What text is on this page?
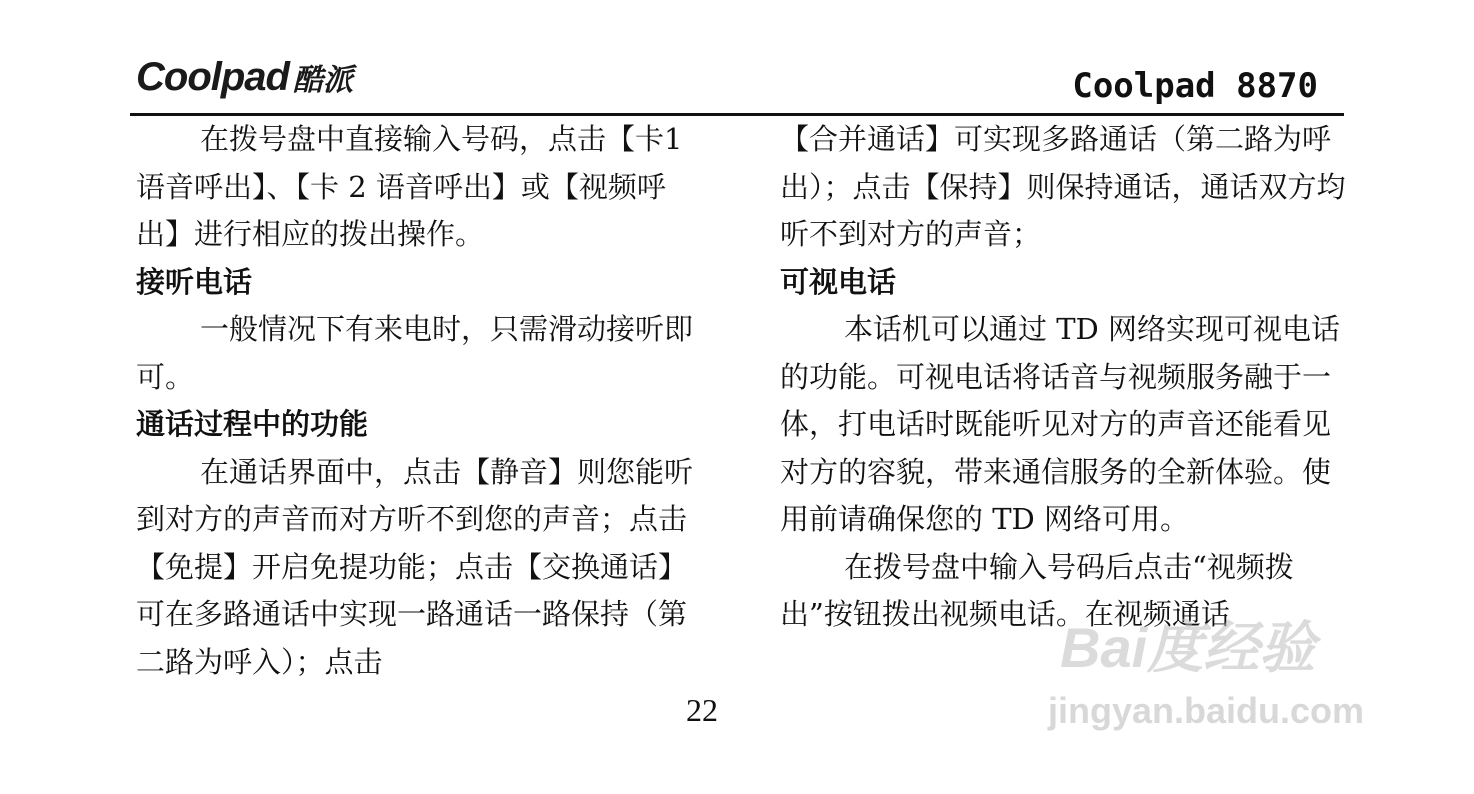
Coolpad 酷派	Coolpad 8870

在拨号盘中直接输入号码，点击【卡1 语音呼出】、【卡 2 语音呼出】或【视频呼出】进行相应的拨出操作。

接听电话

一般情况下有来电时，只需滑动接听即可。

通话过程中的功能

在通话界面中，点击【静音】则您能听到对方的声音而对方听不到您的声音；点击【免提】开启免提功能；点击【交换通话】可在多路通话中实现一路通话一路保持（第二路为呼入）；点击

【合并通话】可实现多路通话（第二路为呼出）；点击【保持】则保持通话，通话双方均听不到对方的声音；

可视电话

本话机可以通过 TD 网络实现可视电话的功能。可视电话将话音与视频服务融于一体，打电话时既能听见对方的声音还能看见对方的容貌，带来通信服务的全新体验。使用前请确保您的 TD 网络可用。

在拨号盘中输入号码后点击“视频拨出”按钮拨出视频电话。在视频通话

22
Bai度经验
jingyan.baidu.com
